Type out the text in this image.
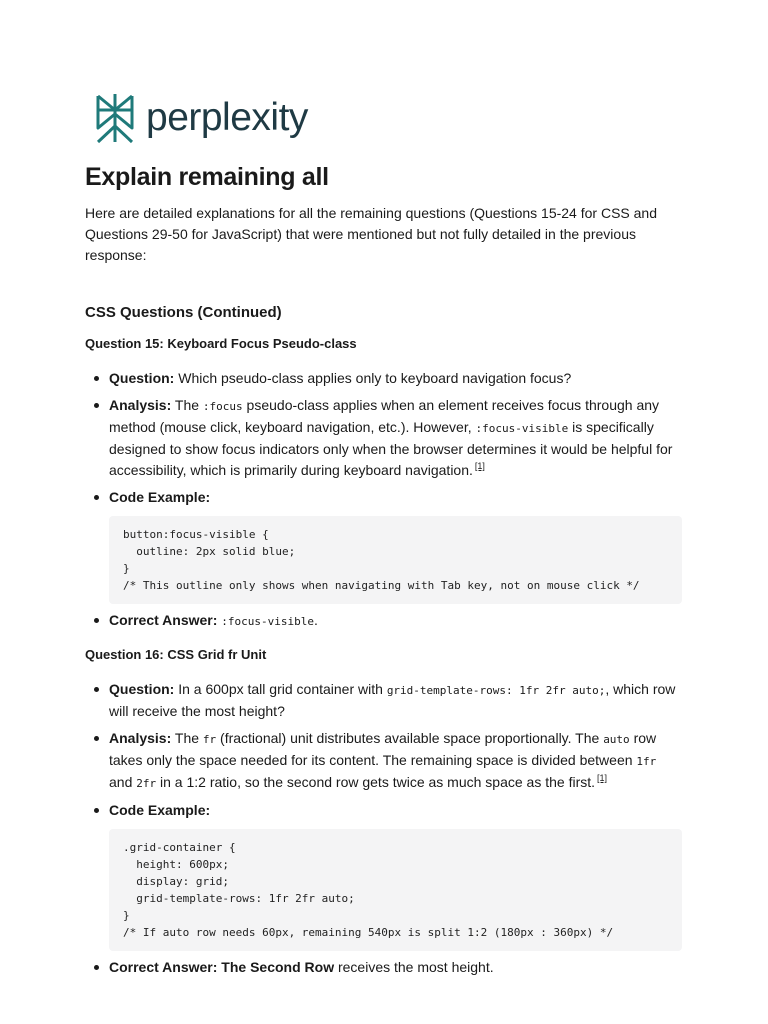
perplexity
Explain remaining all

Here are detailed explanations for all the remaining questions (Questions 15-24 for CSS and Questions 29-50 for JavaScript) that were mentioned but not fully detailed in the previous response:

CSS Questions (Continued)
Question 15: Keyboard Focus Pseudo-class
Question: Which pseudo-class applies only to keyboard navigation focus?
Analysis: The :focus pseudo-class applies when an element receives focus through any method (mouse click, keyboard navigation, etc.). However, :focus-visible is specifically designed to show focus indicators only when the browser determines it would be helpful for accessibility, which is primarily during keyboard navigation. [1]
Code Example:
button:focus-visible {
outline: 2px solid blue;
}
/* This outline only shows when navigating with Tab key, not on mouse click */
Correct Answer: :focus-visible.
Question 16: CSS Grid fr Unit
Question: In a 600px tall grid container with grid-template-rows: 1fr 2fr auto;, which row will receive the most height?
Analysis: The fr (fractional) unit distributes available space proportionally. The auto row takes only the space needed for its content. The remaining space is divided between 1fr and 2fr in a 1:2 ratio, so the second row gets twice as much space as the first. [1]
Code Example:
.grid-container {
height: 600px;
display: grid;
grid-template-rows: 1fr 2fr auto;
}
/* If auto row needs 60px, remaining 540px is split 1:2 (180px : 360px) */
Correct Answer: The Second Row receives the most height.
